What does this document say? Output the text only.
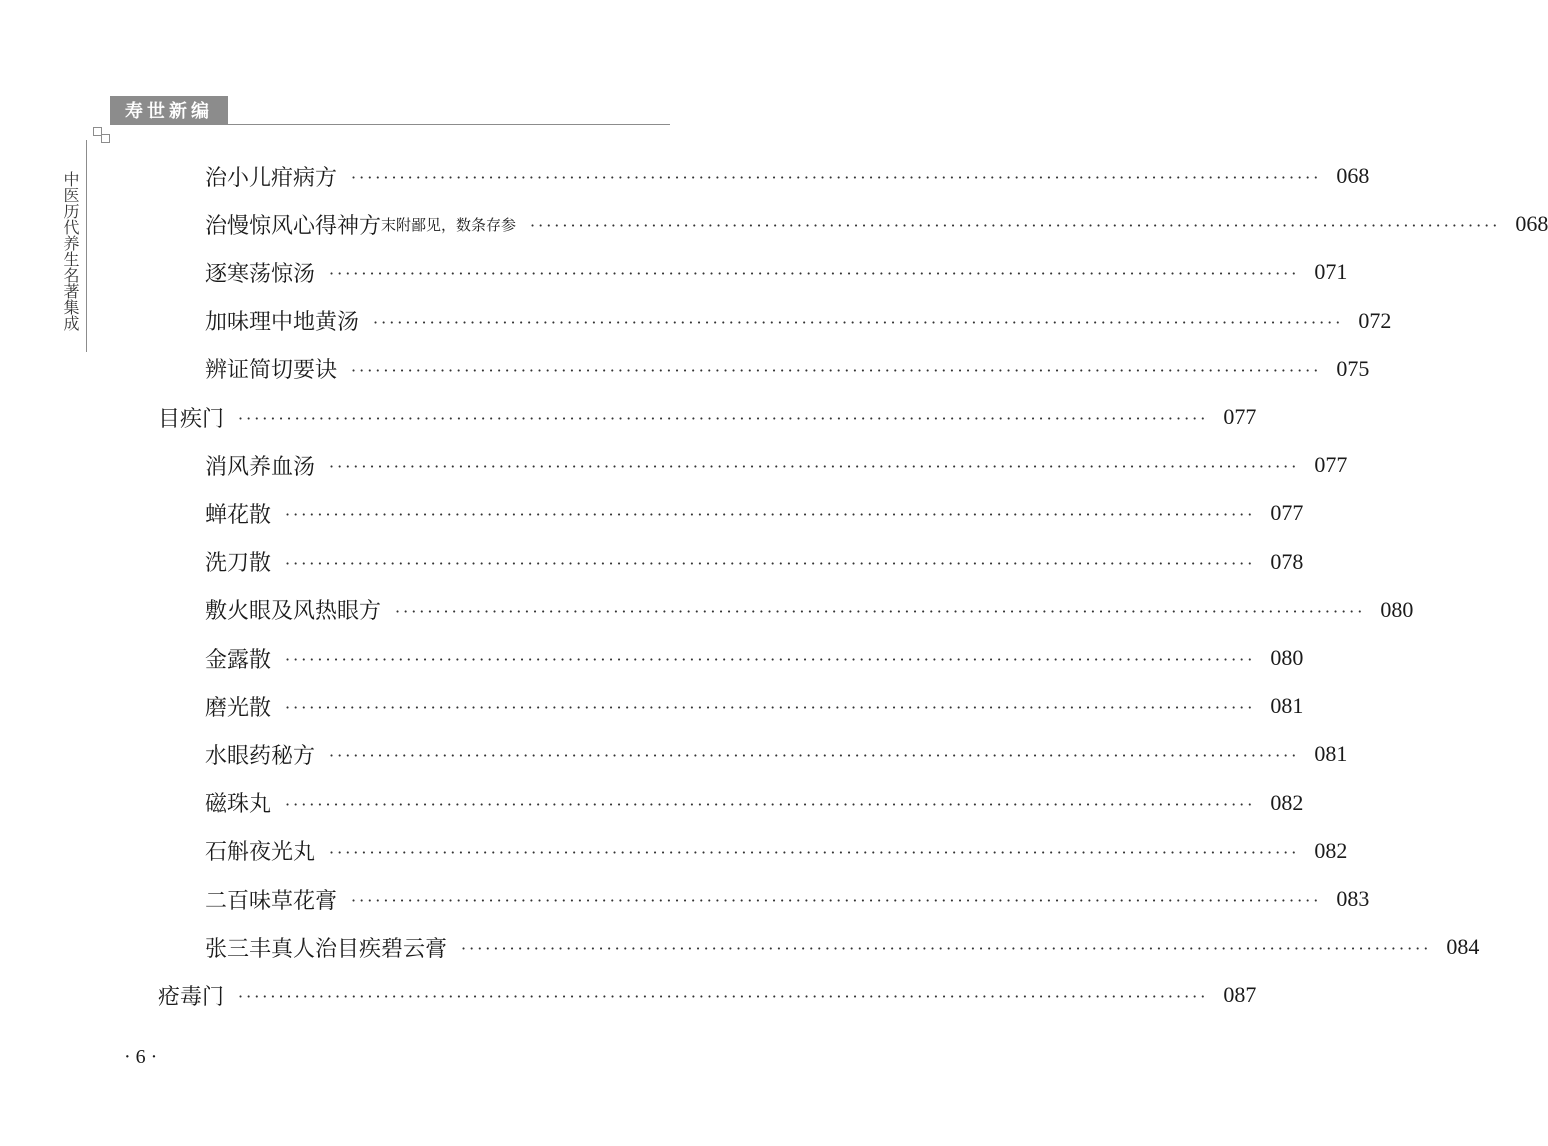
寿世新编
中医历代养生名著集成	治小儿疳病方 ························································································································ 068
治慢惊风心得神方 末附鄙见，数条存参 ························································································································ 068
逐寒荡惊汤 ························································································································ 071
加味理中地黄汤 ························································································································ 072
辨证简切要诀 ························································································································ 075
目疾门 ························································································································ 077
消风养血汤 ························································································································ 077
蝉花散 ························································································································ 077
洗刀散 ························································································································ 078
敷火眼及风热眼方 ························································································································ 080
金露散 ························································································································ 080
磨光散 ························································································································ 081
水眼药秘方 ························································································································ 081
磁珠丸 ························································································································ 082
石斛夜光丸 ························································································································ 082
二百味草花膏 ························································································································ 083
张三丰真人治目疾碧云膏 ························································································································ 084
疮毒门 ························································································································ 087
· 6 ·
